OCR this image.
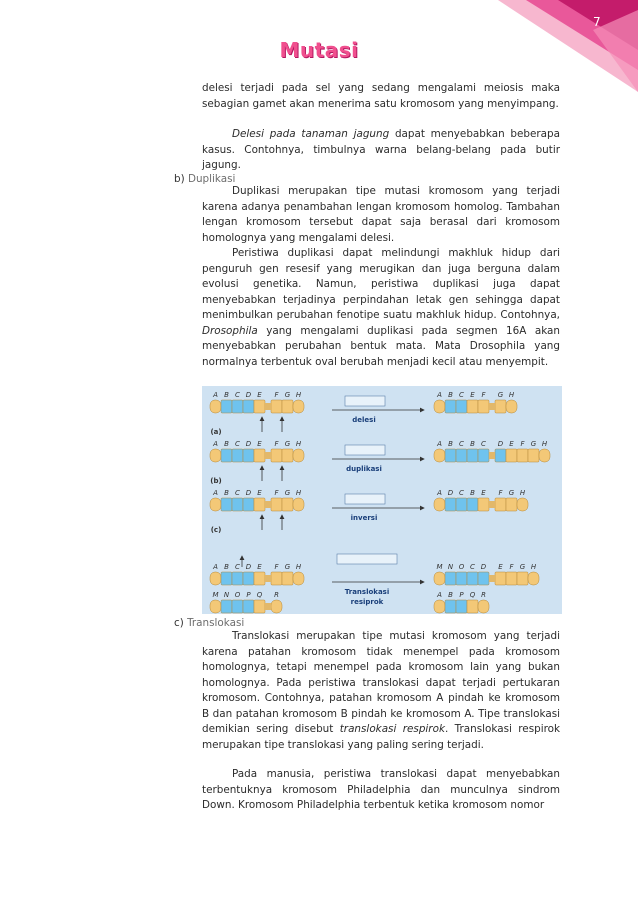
7
Mutasi
delesi terjadi pada sel yang sedang mengalami meiosis maka sebagian gamet akan menerima satu kromosom yang menyimpang.
Delesi pada tanaman jagung dapat menyebabkan beberapa kasus. Contohnya, timbulnya warna belang-belang pada butir jagung.
b) Duplikasi
Duplikasi merupakan tipe mutasi kromosom yang terjadi karena adanya penambahan lengan kromosom homolog. Tambahan lengan kromosom tersebut dapat saja berasal dari kromosom homolognya yang mengalami delesi.
Peristiwa duplikasi dapat melindungi makhluk hidup dari penguruh gen resesif yang merugikan dan juga berguna dalam evolusi genetika. Namun, peristiwa duplikasi juga dapat menyebabkan terjadinya perpindahan letak gen sehingga dapat menimbulkan perubahan fenotipe suatu makhluk hidup. Contohnya, Drosophila yang mengalami duplikasi pada segmen 16A akan menyebabkan perubahan bentuk mata. Mata Drosophila yang normalnya terbentuk oval berubah menjadi kecil atau menyempit.
A B C D E F G H	A B C E F G H
(a)
delesi
A B C D E F G H	A B C B C D E F G H
(b)
duplikasi
A B C D E F G H	A D C B E F G H
(c)
inversi
A B C D E F G H
M N O P Q R
M N O C D E F G H
A B P Q R
Translokasi
resiprok
c) Translokasi
Translokasi merupakan tipe mutasi kromosom yang terjadi karena patahan kromosom tidak menempel pada kromosom homolognya, tetapi menempel pada kromosom lain yang bukan homolognya. Pada peristiwa translokasi dapat terjadi pertukaran kromosom. Contohnya, patahan kromosom A pindah ke kromosom B dan patahan kromosom B pindah ke kromosom A. Tipe translokasi demikian sering disebut translokasi respirok. Translokasi respirok merupakan tipe translokasi yang paling sering terjadi.
Pada manusia, peristiwa translokasi dapat menyebabkan terbentuknya kromosom Philadelphia dan munculnya sindrom Down. Kromosom Philadelphia terbentuk ketika kromosom nomor
